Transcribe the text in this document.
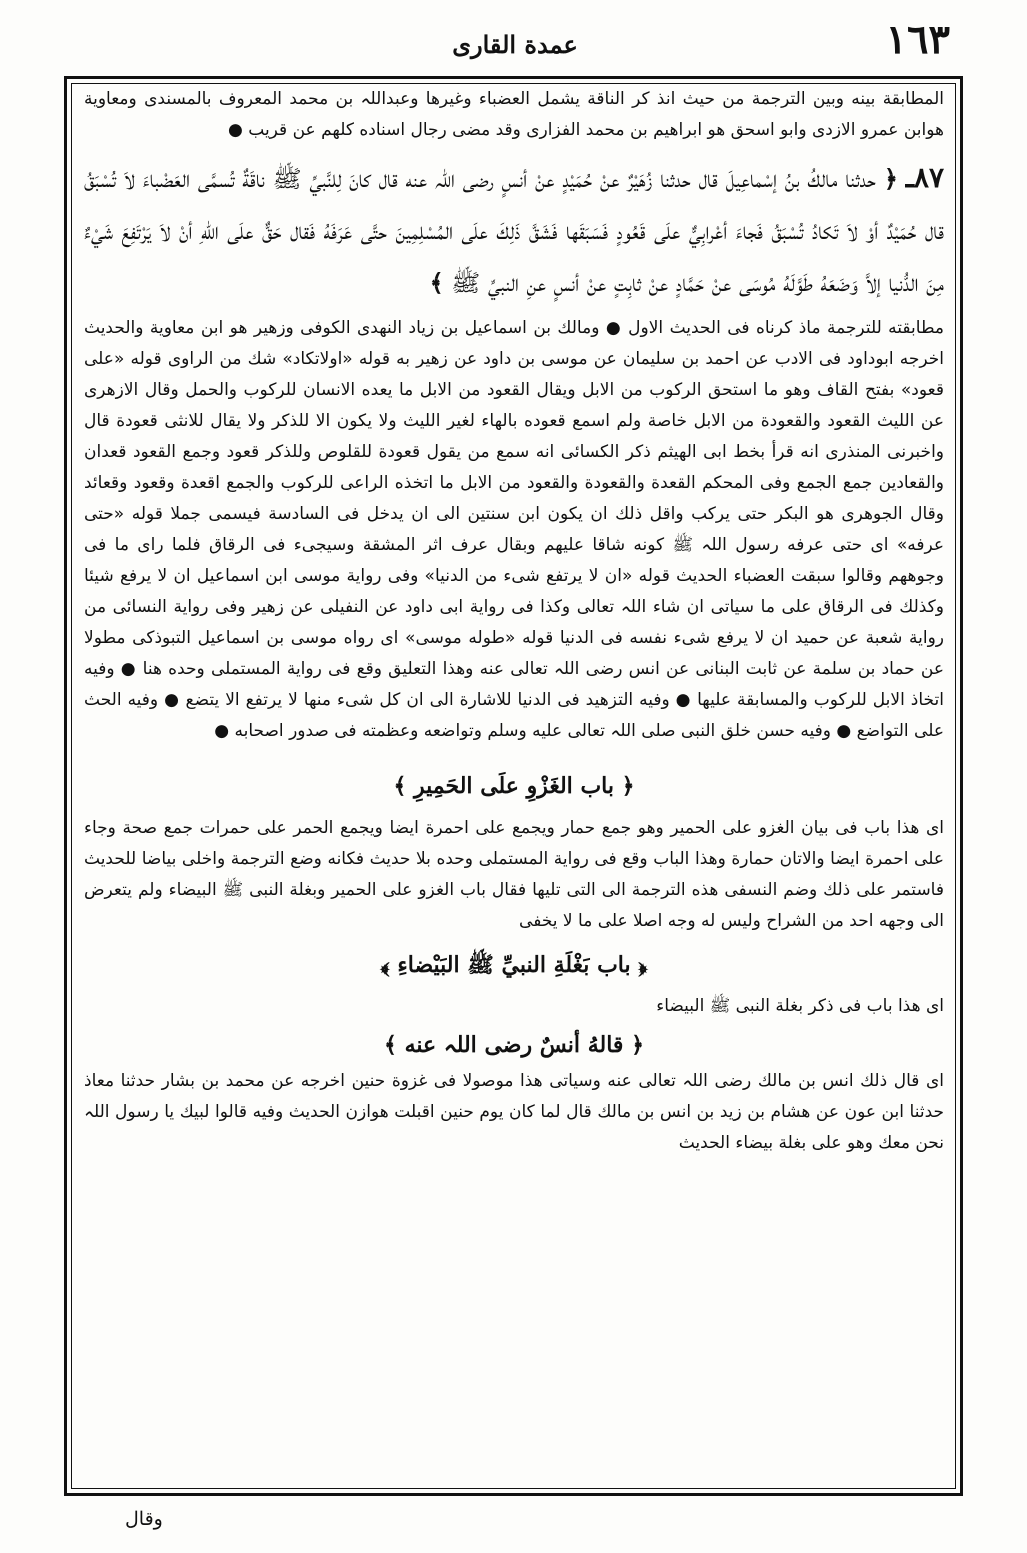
١٦٣
عمدة القاری

المطابقة بینه وبین الترجمة من حیث انذ کر الناقة یشمل العضباء وغیرها وعبداللہ بن محمد المعروف بالمسندی ومعاویة هوابن عمرو الازدی وابو اسحق هو ابراهیم بن محمد الفزاری وقد مضی رجال اسناده کلهم عن قریب ●

٨٧ـ ﴿ حدثنا مالكُ بنُ إسْماعِيلَ قال حدثنا زُهَيْرٌ عنْ حُمَيْدٍ عنْ أنسٍ رضی اللہ عنه قال كانَ لِلنَّبيِّ ﷺ ناقَةٌ تُسمَّى العَضْباءَ لاَ تُسْبَقُ قال حُمَيْدٌ أوْ لاَ تَكادُ تُسْبَقُ فَجاءَ أعْرابِيٌّ علَى قَعُودٍ فَسَبَقَها فَشَقَّ ذَلِكَ علَى المُسْلِمِينَ حتَّى عَرَفَهُ فَقال حَقٌّ علَى اللهِ أنْ لاَ يَرْتَفِعَ شَيْءٌ مِنَ الدُّنيا إلاَّ وَضَعَهُ طَوَّلَهُ مُوسَى عنْ حَمَّادٍ عنْ ثابِتٍ عنْ أنسٍ عنِ النبيِّ ﷺ ﴾

مطابقته للترجمة ماذ کرناه فی الحدیث الاول ● ومالك بن اسماعیل بن زیاد النهدی الکوفی وزهیر هو ابن معاویة والحدیث اخرجه ابوداود فی الادب عن احمد بن سلیمان عن موسی بن داود عن زهیر به قوله «اولاتکاد» شك من الراوی قوله «علی قعود» بفتح القاف وهو ما استحق الرکوب من الابل ویقال القعود من الابل ما یعده الانسان للرکوب والحمل وقال الازهری عن اللیث القعود والقعودة من الابل خاصة ولم اسمع قعوده بالهاء لغیر اللیث ولا یکون الا للذکر ولا یقال للانثی قعودة قال واخبرنی المنذری انه قرأ بخط ابی الهیثم ذکر الکسائی انه سمع من یقول قعودة للقلوص وللذکر قعود وجمع القعود قعدان والقعادین جمع الجمع وفی المحکم القعدة والقعودة والقعود من الابل ما اتخذه الراعی للرکوب والجمع اقعدة وقعود وقعائد وقال الجوهری هو البکر حتی یرکب واقل ذلك ان یکون ابن سنتین الی ان یدخل فی السادسة فیسمی جملا قوله «حتی عرفه» ای حتی عرفه رسول اللہ ﷺ کونه شاقا علیهم وبقال عرف اثر المشقة وسیجیء فی الرقاق فلما رای ما فی وجوههم وقالوا سبقت العضباء الحدیث قوله «ان لا یرتفع شیء من الدنیا» وفی روایة موسی ابن اسماعیل ان لا یرفع شیئا وکذلك فی الرقاق علی ما سیاتی ان شاء اللہ تعالی وکذا فی روایة ابی داود عن النفیلی عن زهیر وفی روایة النسائی من روایة شعبة عن حمید ان لا یرفع شیء نفسه فی الدنیا قوله «طوله موسی» ای رواه موسی بن اسماعیل التبوذکی مطولا عن حماد بن سلمة عن ثابت البنانی عن انس رضی اللہ تعالی عنه وهذا التعلیق وقع فی روایة المستملی وحده هنا ● وفیه اتخاذ الابل للرکوب والمسابقة علیها ● وفیه التزهید فی الدنیا للاشارة الی ان کل شیء منها لا یرتفع الا یتضع ● وفیه الحث علی التواضع ● وفیه حسن خلق النبی صلی اللہ تعالی علیه وسلم وتواضعه وعظمته فی صدور اصحابه ●

﴿ باب الغَزْوِ علَى الحَمِيرِ ﴾

ای هذا باب فی بیان الغزو علی الحمیر وهو جمع حمار ویجمع علی احمرة ایضا ویجمع الحمر علی حمرات جمع صحة وجاء علی احمرة ایضا والاتان حمارة وهذا الباب وقع فی روایة المستملی وحده بلا حدیث فکانه وضع الترجمة واخلی بیاضا للحدیث فاستمر علی ذلك وضم النسفی هذه الترجمة الی التی تلیها فقال باب الغزو علی الحمیر وبغلة النبی ﷺ البیضاء ولم یتعرض الی وجهه احد من الشراح ولیس له وجه اصلا علی ما لا یخفی

﴿ باب بَغْلَةِ النبيِّ ﷺ البَيْضاءِ ﴾

ای هذا باب فی ذکر بغلة النبی ﷺ البیضاء

﴿ قالهُ أنسٌ رضی اللہ عنه ﴾

ای قال ذلك انس بن مالك رضی اللہ تعالی عنه وسیاتی هذا موصولا فی غزوة حنین اخرجه عن محمد بن بشار حدثنا معاذ حدثنا ابن عون عن هشام بن زید بن انس بن مالك قال لما کان یوم حنین اقبلت هوازن الحدیث وفیه قالوا لبیك یا رسول اللہ نحن معك وهو علی بغلة بیضاء الحدیث

وقال
